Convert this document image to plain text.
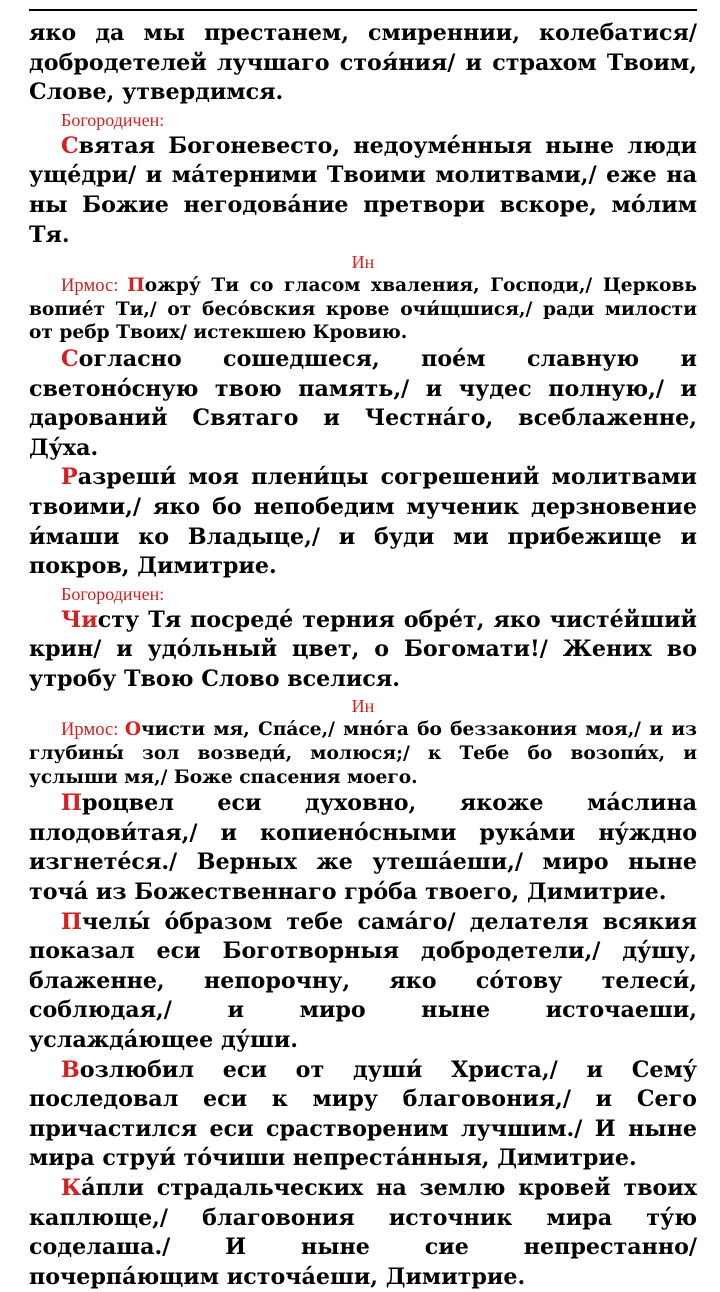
яко да мы престанем, смиреннии, колебатися/ добродетелей лучшаго стоя́ния/ и страхом Твоим, Слове, утвердимся.

Богородичен:

Святая Богоневесто, недоуме́нныя ныне люди уще́дри/ и ма́терними Твоими молитвами,/ еже на ны Божие негодова́ние претвори вскоре, мо́лим Тя.

Ин

Ирмос: Пожру́ Ти со гласом хваления, Господи,/ Церковь вопие́т Ти,/ от бесо́вския крове очи́щшися,/ ради милости от ребр Твоих/ истекшею Кровию.

Согласно сошедшеся, пое́м славную и светоно́сную твою память,/ и чудес полную,/ и дарований Святаго и Честна́го, всеблаженне, Ду́ха.

Разреши́ моя плени́цы согрешений молитвами твоими,/ яко бо непобедим мученик дерзновение и́маши ко Владыце,/ и буди ми прибежище и покров, Димитрие.

Богородичен:

Чисту Тя посреде́ терния обре́т, яко чисте́йший крин/ и удо́льный цвет, о Богомати!/ Жених во утробу Твою Слово вселися.

Ин

Ирмос: Очисти мя, Спа́се,/ мно́га бо беззакония моя,/ и из глубины́ зол возведи́, молюся;/ к Тебе бо возопи́х, и услыши мя,/ Боже спасения моего.

Процвел еси духовно, якоже ма́слина плодови́тая,/ и копиено́сными рука́ми ну́ждно изгнете́ся./ Верных же утеша́еши,/ миро ныне точа́ из Божественнаго гро́ба твоего, Димитрие.

Пчелы́ о́бразом тебе сама́го/ делателя всякия показал еси Боготворныя добродетели,/ ду́шу, блаженне, непорочну, яко со́тову телеси́, соблюдая,/ и миро ныне источаеши, услажда́ющее ду́ши.

Возлюбил еси от души́ Христа,/ и Сему́ последовал еси к миру благовония,/ и Сего причастился еси сраствореним лучшим./ И ныне мира струи́ то́чиши непреста́нныя, Димитрие.

Ка́пли страдальческих на землю кровей́ твоих каплюще,/ благовония источник мира ту́ю соделаша./ И ныне сие непрестанно/ почерпа́ющим источа́еши, Димитрие.
